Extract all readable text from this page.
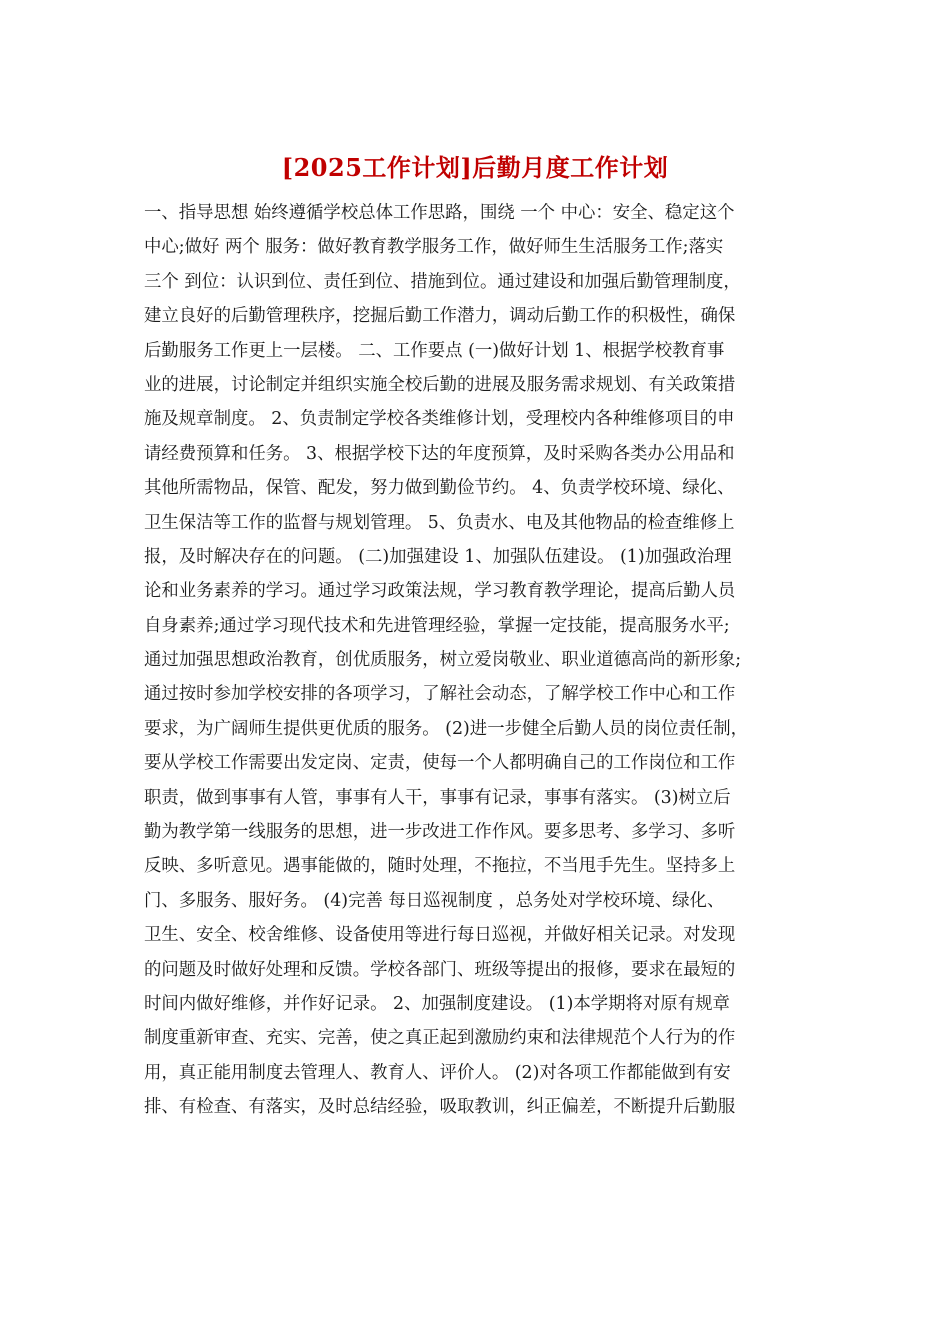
[2025工作计划]后勤月度工作计划
一、指导思想 始终遵循学校总体工作思路，围绕 一个 中心：安全、稳定这个
中心;做好 两个 服务：做好教育教学服务工作，做好师生生活服务工作;落实
三个 到位：认识到位、责任到位、措施到位。通过建设和加强后勤管理制度，
建立良好的后勤管理秩序，挖掘后勤工作潜力，调动后勤工作的积极性，确保
后勤服务工作更上一层楼。 二、工作要点 (一)做好计划 1、根据学校教育事
业的进展，讨论制定并组织实施全校后勤的进展及服务需求规划、有关政策措
施及规章制度。 2、负责制定学校各类维修计划，受理校内各种维修项目的申
请经费预算和任务。 3、根据学校下达的年度预算，及时采购各类办公用品和
其他所需物品，保管、配发，努力做到勤俭节约。 4、负责学校环境、绿化、
卫生保洁等工作的监督与规划管理。 5、负责水、电及其他物品的检查维修上
报，及时解决存在的问题。 (二)加强建设 1、加强队伍建设。 (1)加强政治理
论和业务素养的学习。通过学习政策法规，学习教育教学理论，提高后勤人员
自身素养;通过学习现代技术和先进管理经验，掌握一定技能，提高服务水平;
通过加强思想政治教育，创优质服务，树立爱岗敬业、职业道德高尚的新形象;
通过按时参加学校安排的各项学习，了解社会动态，了解学校工作中心和工作
要求，为广阔师生提供更优质的服务。 (2)进一步健全后勤人员的岗位责任制，
要从学校工作需要出发定岗、定责，使每一个人都明确自己的工作岗位和工作
职责，做到事事有人管，事事有人干，事事有记录，事事有落实。 (3)树立后
勤为教学第一线服务的思想，进一步改进工作作风。要多思考、多学习、多听
反映、多听意见。遇事能做的，随时处理，不拖拉，不当甩手先生。坚持多上
门、多服务、服好务。 (4)完善 每日巡视制度 ，总务处对学校环境、绿化、
卫生、安全、校舍维修、设备使用等进行每日巡视，并做好相关记录。对发现
的问题及时做好处理和反馈。学校各部门、班级等提出的报修，要求在最短的
时间内做好维修，并作好记录。 2、加强制度建设。 (1)本学期将对原有规章
制度重新审查、充实、完善，使之真正起到激励约束和法律规范个人行为的作
用，真正能用制度去管理人、教育人、评价人。 (2)对各项工作都能做到有安
排、有检查、有落实，及时总结经验，吸取教训，纠正偏差，不断提升后勤服
